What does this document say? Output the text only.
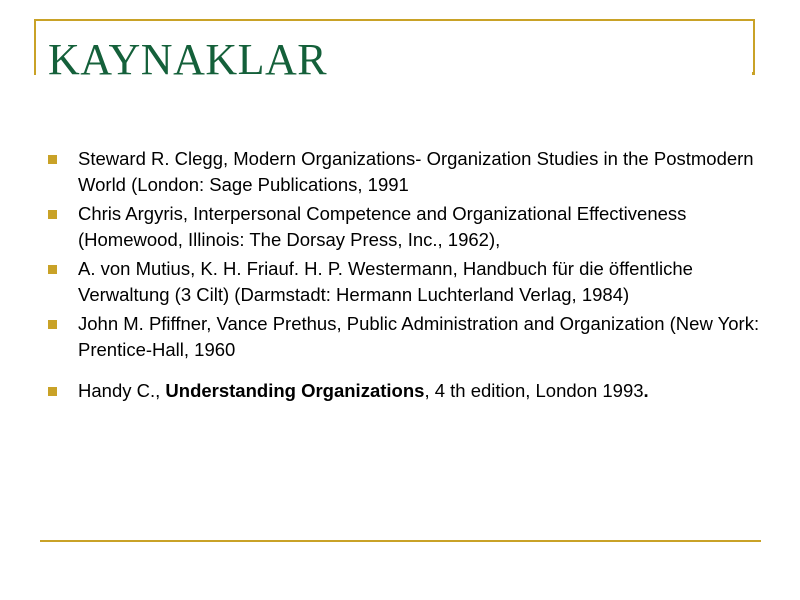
KAYNAKLAR
Steward R. Clegg, Modern Organizations- Organization Studies in the Postmodern World (London: Sage Publications, 1991
Chris Argyris, Interpersonal Competence and Organizational Effectiveness (Homewood, Illinois: The Dorsay Press, Inc., 1962),
A. von Mutius, K. H. Friauf. H. P. Westermann, Handbuch für die öffentliche Verwaltung (3 Cilt) (Darmstadt: Hermann Luchterland Verlag, 1984)
John M. Pfiffner, Vance Prethus, Public Administration and Organization (New York: Prentice-Hall, 1960
Handy C., Understanding Organizations, 4 th edition, London 1993.
